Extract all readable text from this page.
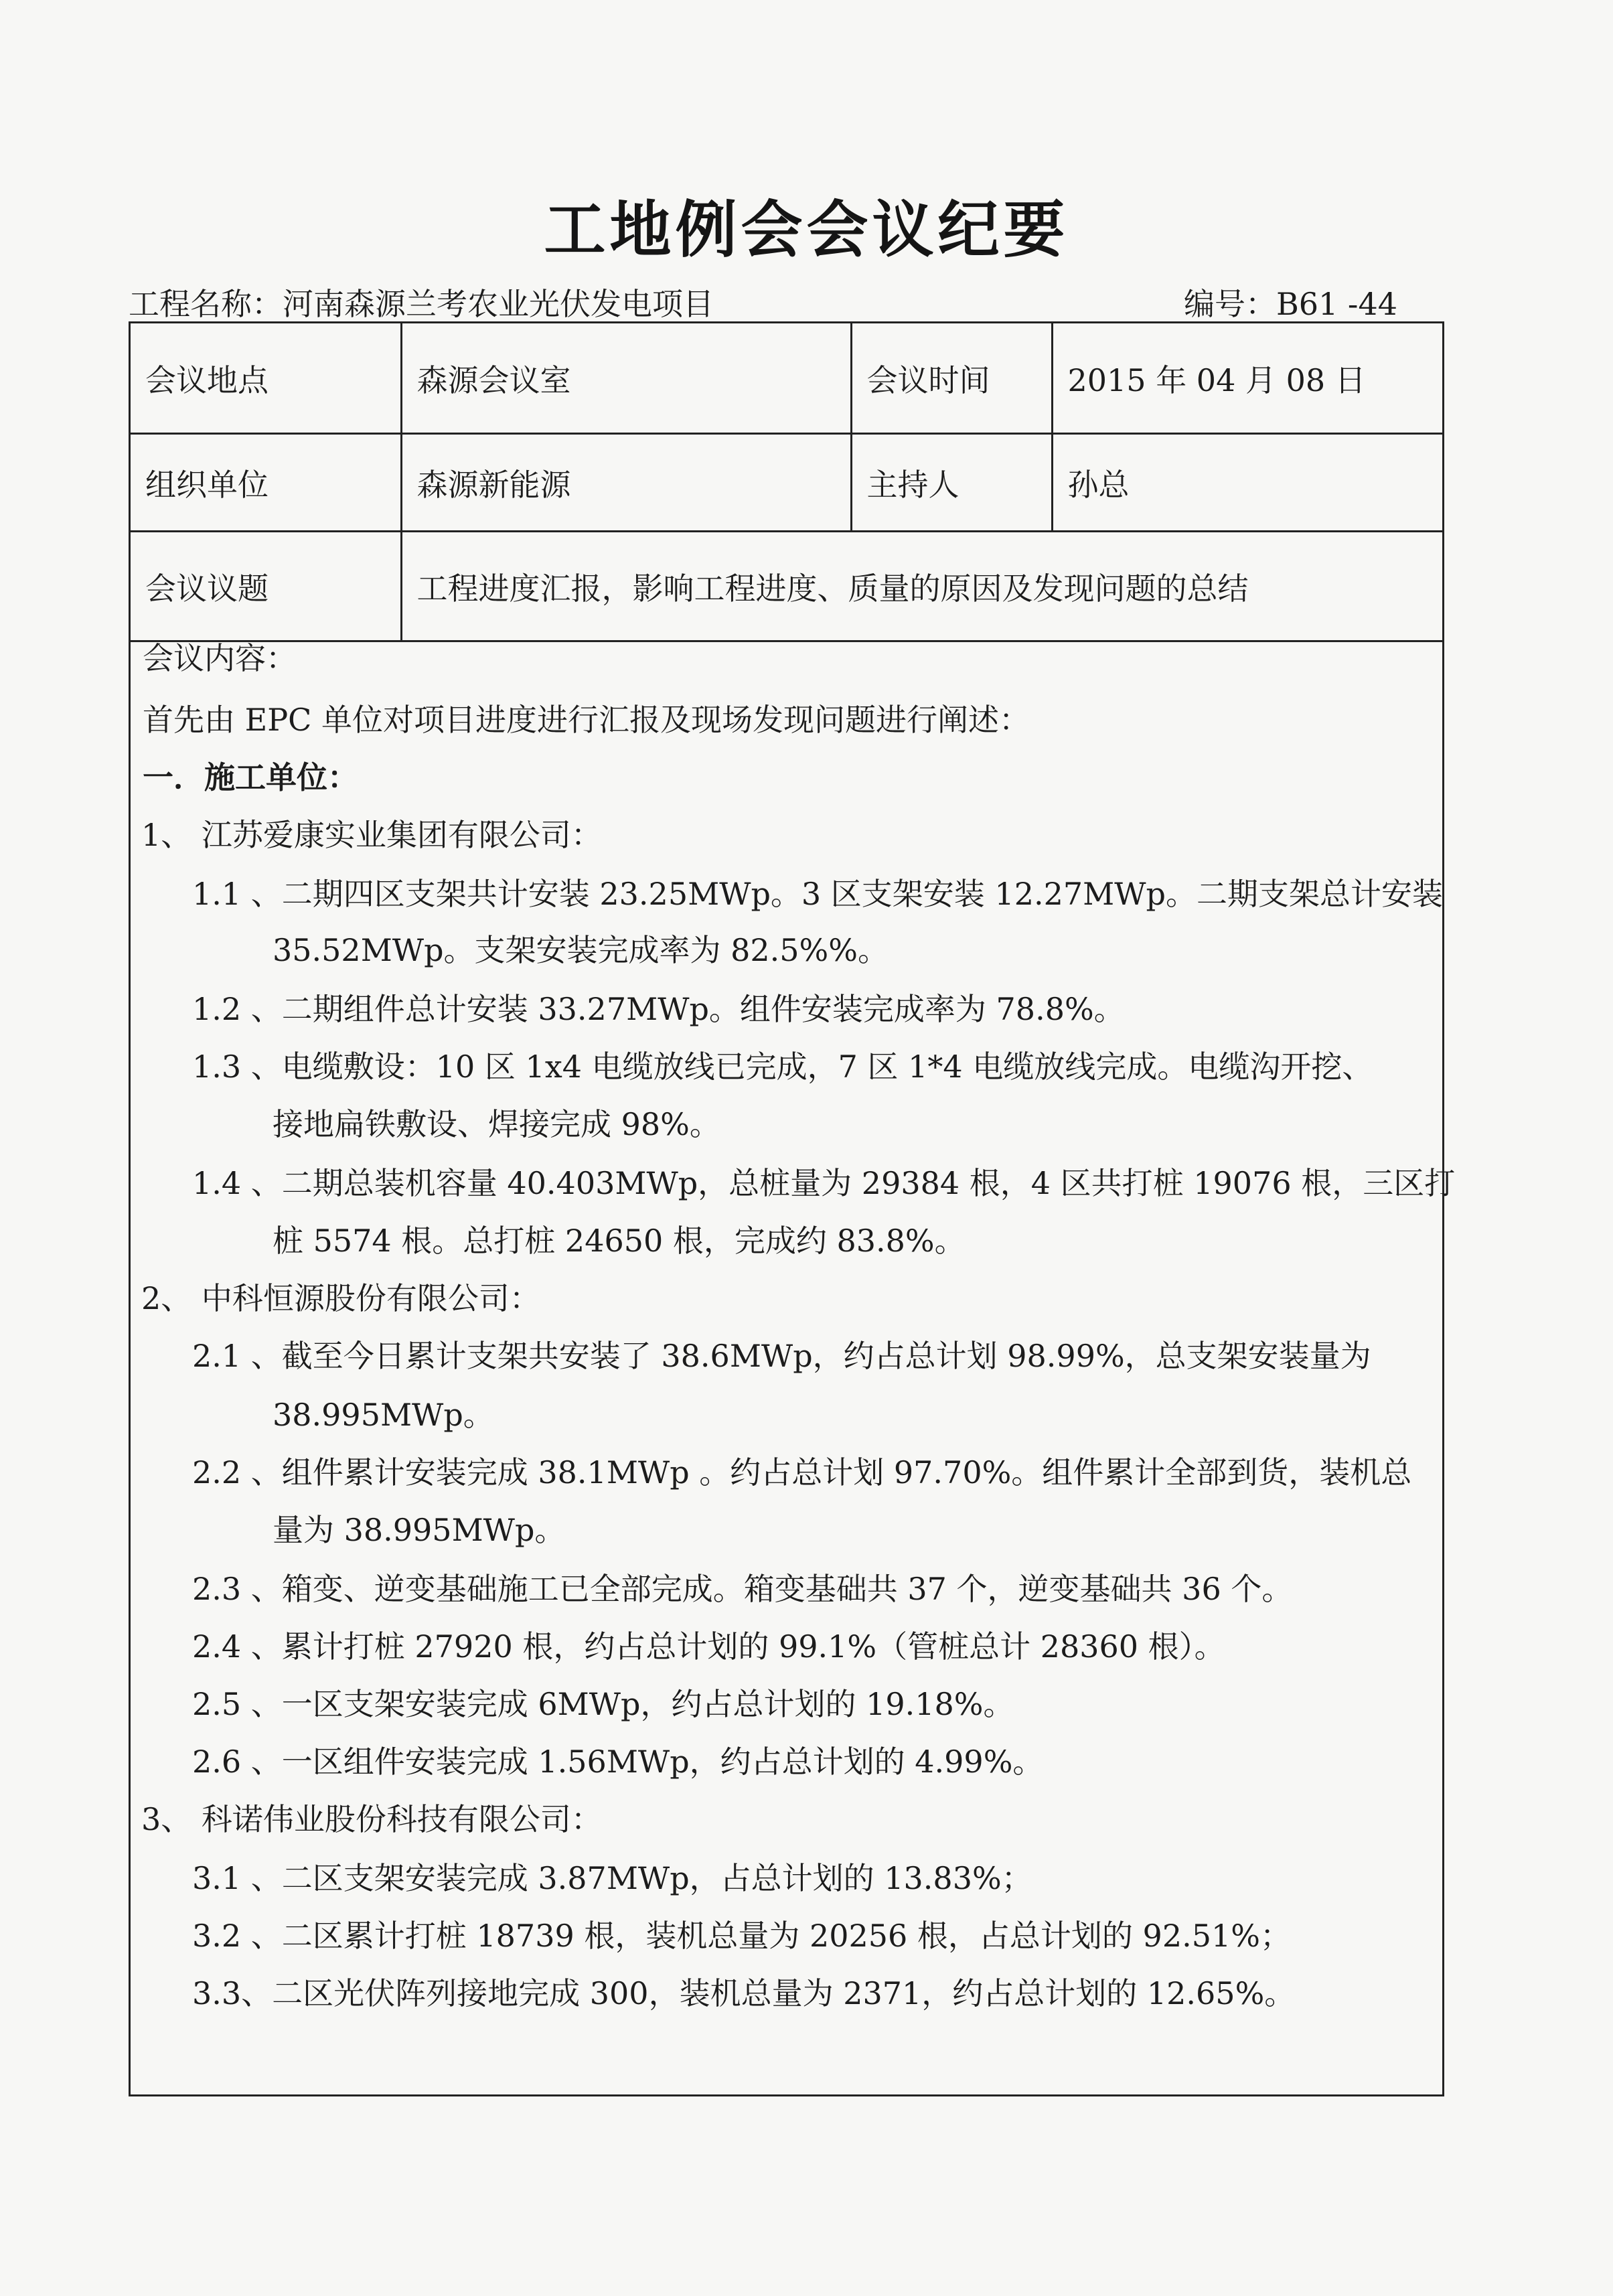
工地例会会议纪要
工程名称：河南森源兰考农业光伏发电项目	编号：B61 -44
会议地点	森源会议室	会议时间	2015 年 04 月 08 日
组织单位	森源新能源	主持人	孙总
会议议题	工程进度汇报，影响工程进度、质量的原因及发现问题的总结		
会议内容：
首先由 EPC 单位对项目进度进行汇报及现场发现问题进行阐述：
一．施工单位：
1、 江苏爱康实业集团有限公司：
1.1 、二期四区支架共计安装 23.25MWp。3 区支架安装 12.27MWp。二期支架总计安装
35.52MWp。支架安装完成率为 82.5%%。
1.2 、二期组件总计安装 33.27MWp。组件安装完成率为 78.8%。
1.3 、电缆敷设：10 区 1x4 电缆放线已完成，7 区 1*4 电缆放线完成。电缆沟开挖、
接地扁铁敷设、焊接完成 98%。
1.4 、二期总装机容量 40.403MWp，总桩量为 29384 根，4 区共打桩 19076 根，三区打
桩 5574 根。总打桩 24650 根，完成约 83.8%。
2、 中科恒源股份有限公司：
2.1 、截至今日累计支架共安装了 38.6MWp，约占总计划 98.99%，总支架安装量为
38.995MWp。
2.2 、组件累计安装完成 38.1MWp 。约占总计划 97.70%。组件累计全部到货，装机总
量为 38.995MWp。
2.3 、箱变、逆变基础施工已全部完成。箱变基础共 37 个，逆变基础共 36 个。
2.4 、累计打桩 27920 根，约占总计划的 99.1%（管桩总计 28360 根）。
2.5 、一区支架安装完成 6MWp，约占总计划的 19.18%。
2.6 、一区组件安装完成 1.56MWp，约占总计划的 4.99%。
3、 科诺伟业股份科技有限公司：
3.1 、二区支架安装完成 3.87MWp，占总计划的 13.83%；
3.2 、二区累计打桩 18739 根，装机总量为 20256 根，占总计划的 92.51%；
3.3、二区光伏阵列接地完成 300，装机总量为 2371，约占总计划的 12.65%。
